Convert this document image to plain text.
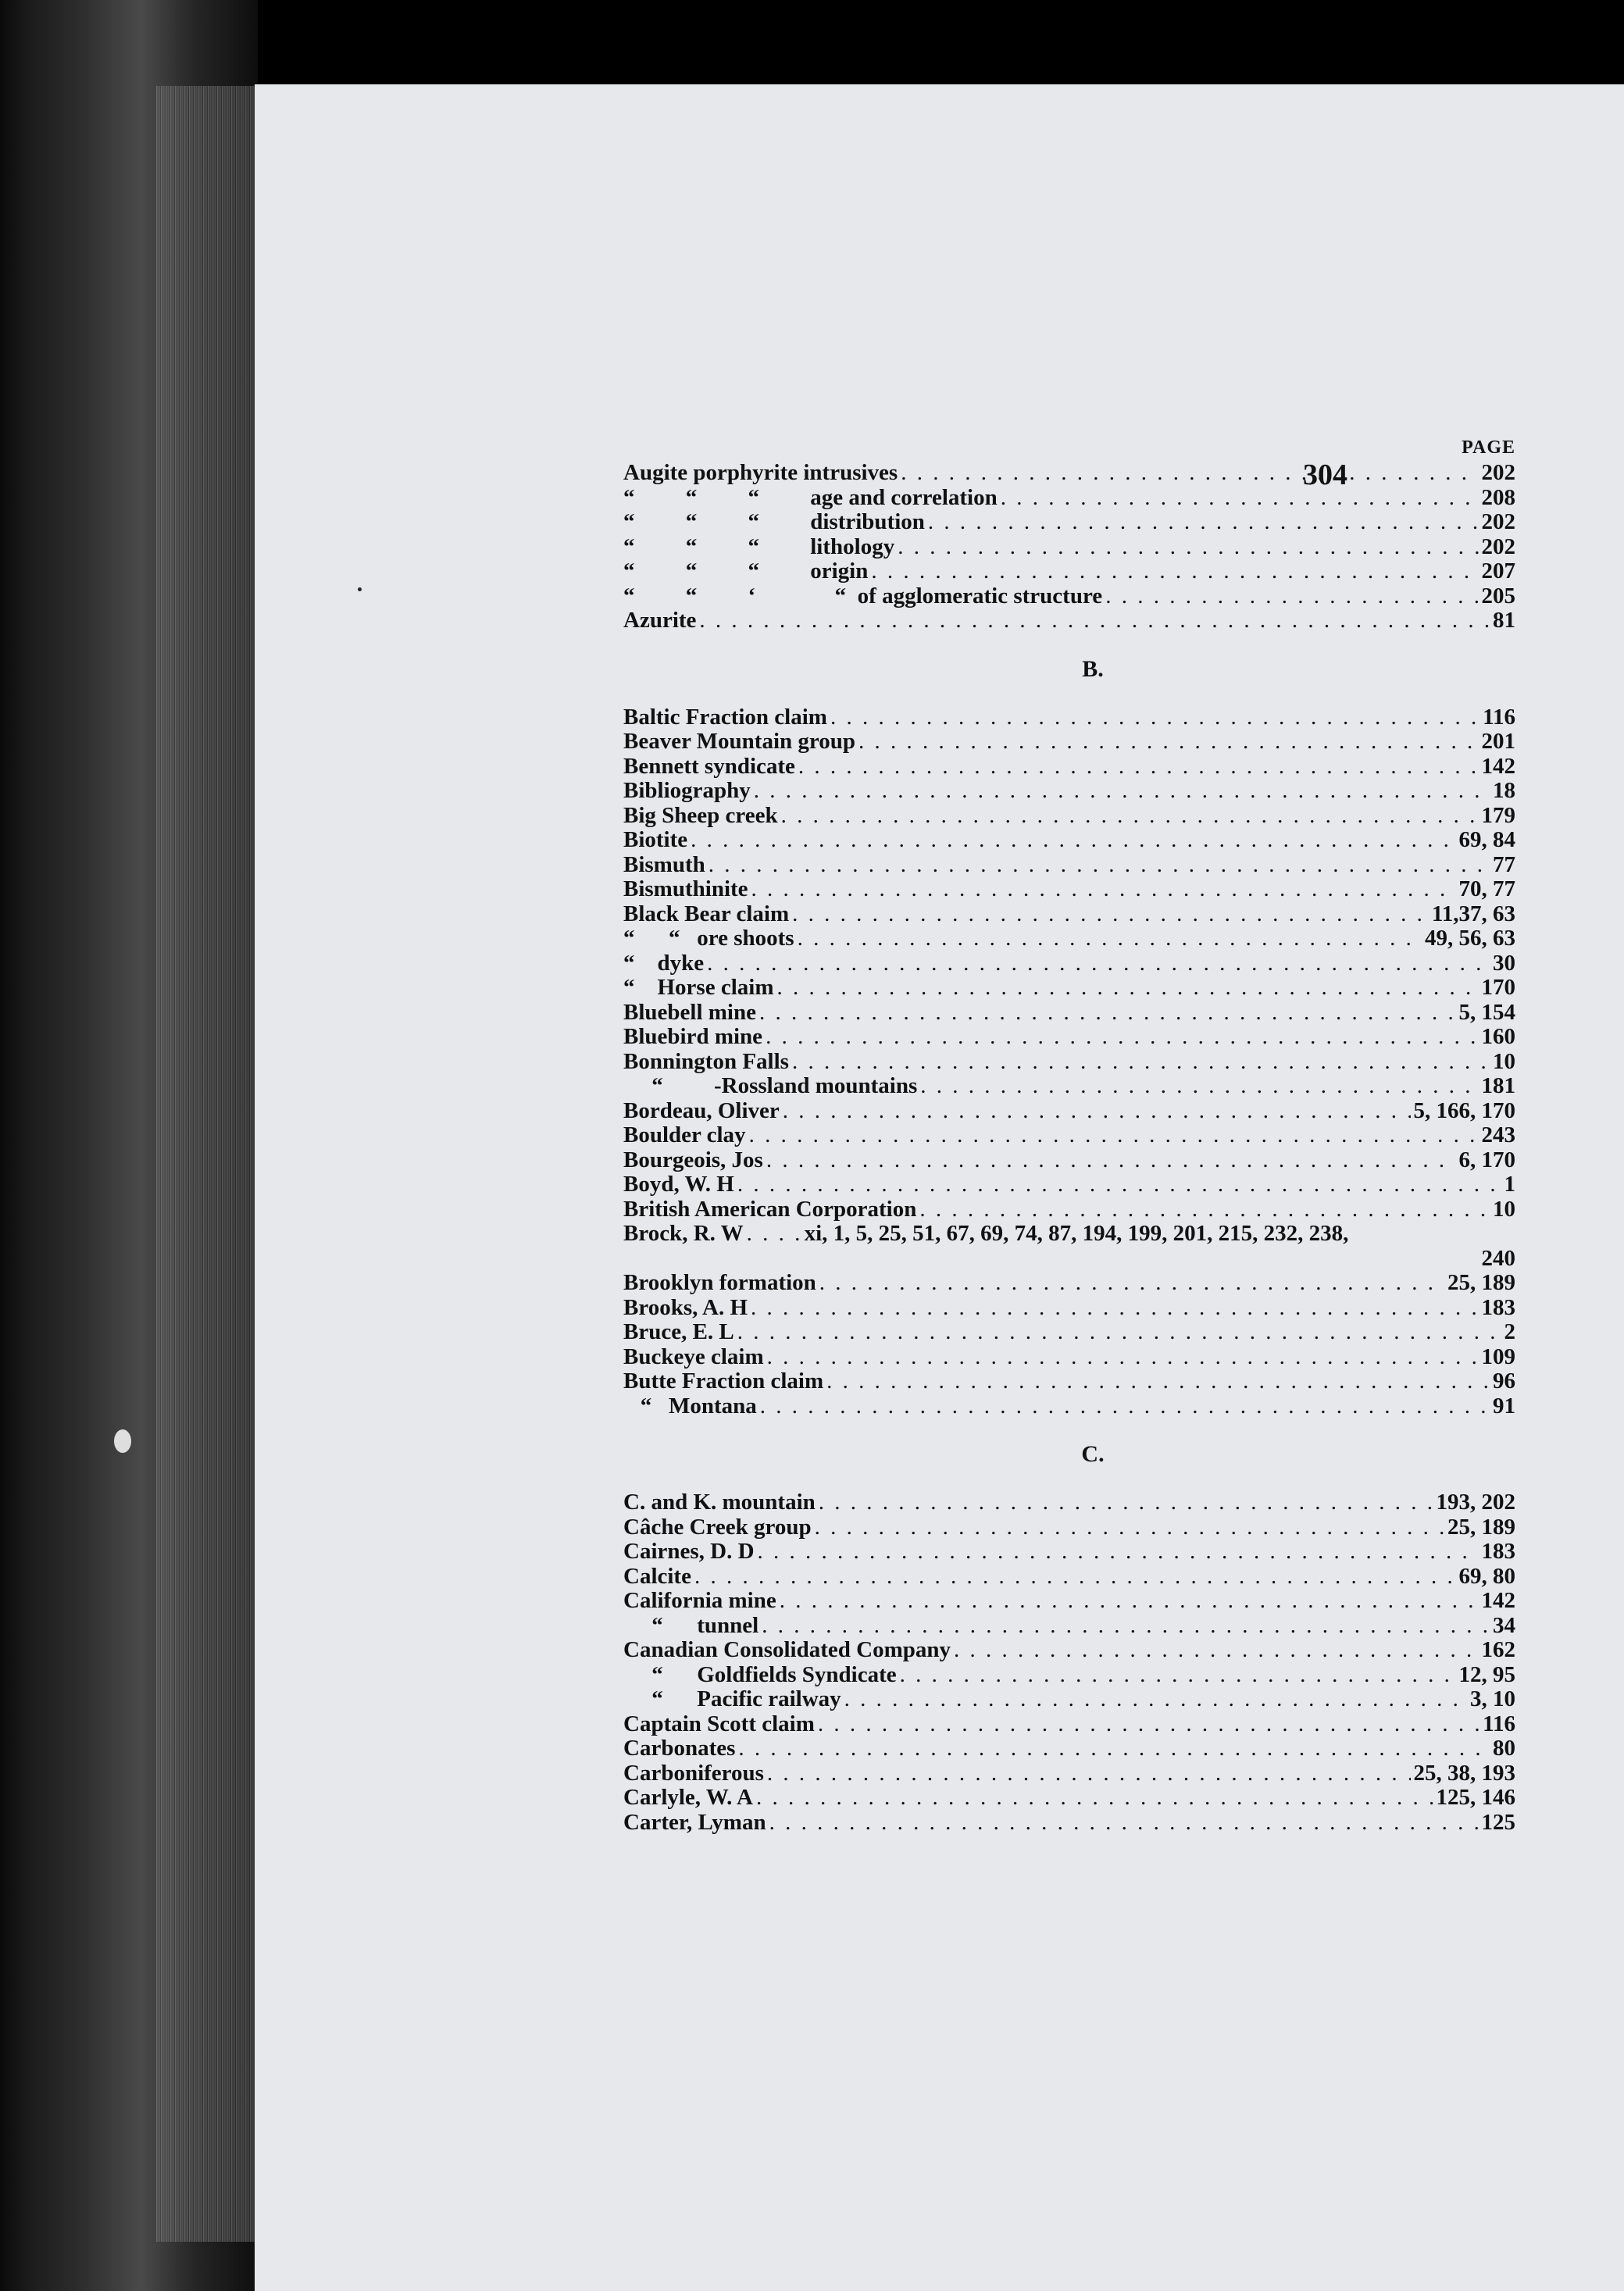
304
PAGE
Augite porphyrite intrusives . . .	202
“         “         “         age and correlation . . .	208
“         “         “         distribution . . .	202
“         “         “         lithology . . .	202
“         “         “         origin . . .	207
“         “         ‘              “  of agglomeratic structure . . .	205
Azurite . . .	81
B.
Baltic Fraction claim . . .	116
Beaver Mountain group . . .	201
Bennett syndicate . . .	142
Bibliography . . .	18
Big Sheep creek . . .	179
Biotite . . .	69, 84
Bismuth . . .	77
Bismuthinite . . .	70, 77
Black Bear claim . . .	11,37, 63
“      “   ore shoots . . .	49, 56, 63
“    dyke . . .	30
“    Horse claim . . .	170
Bluebell mine . . .	5, 154
Bluebird mine . . .	160
Bonnington Falls . . .	10
“         -Rossland mountains . . .	181
Bordeau, Oliver . . .	5, 166, 170
Boulder clay . . .	243
Bourgeois, Jos . . .	6, 170
Boyd, W. H . . .	1
British American Corporation . . .	10
Brock, R. W . . .	xi, 1, 5, 25, 51, 67, 69, 74, 87, 194, 199, 201, 215, 232, 238,
240
Brooklyn formation . . .	25, 189
Brooks, A. H . . .	183
Bruce, E. L . . .	2
Buckeye claim . . .	109
Butte Fraction claim . . .	96
“   Montana . . .	91
C.
C. and K. mountain . . .	193, 202
Câche Creek group . . .	25, 189
Cairnes, D. D . . .	183
Calcite . . .	69, 80
California mine . . .	142
“      tunnel . . .	34
Canadian Consolidated Company . . .	162
“      Goldfields Syndicate . . .	12, 95
“      Pacific railway . . .	3, 10
Captain Scott claim . . .	116
Carbonates . . .	80
Carboniferous . . .	25, 38, 193
Carlyle, W. A . . .	125, 146
Carter, Lyman . . .	125
